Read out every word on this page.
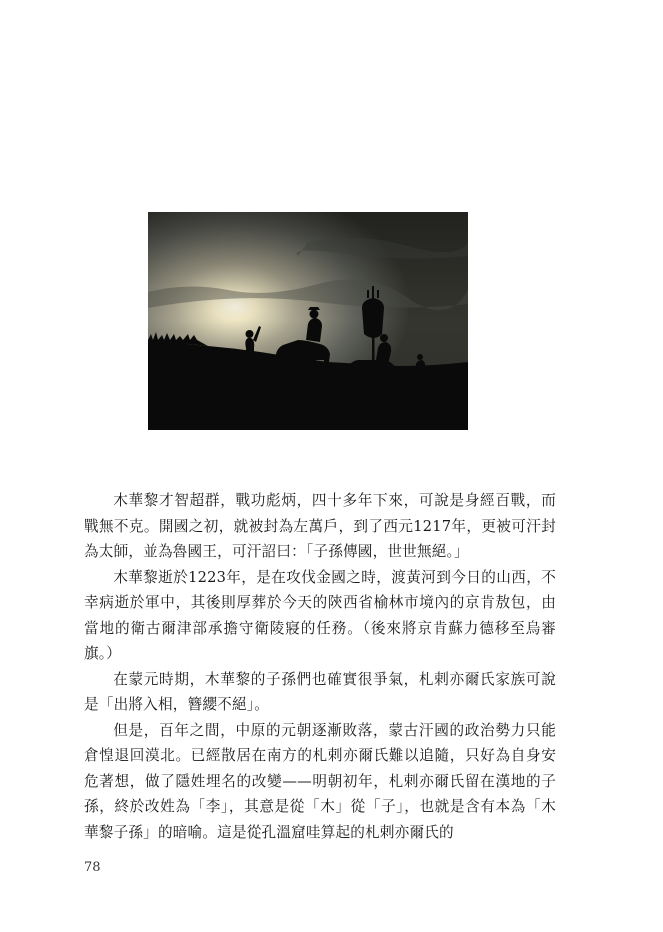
木華黎才智超群，戰功彪炳，四十多年下來，可說是身經百戰，而戰無不克。開國之初，就被封為左萬戶，到了西元1217年，更被可汗封為太師，並為魯國王，可汗詔曰：「子孫傳國，世世無絕。」

木華黎逝於1223年，是在攻伐金國之時，渡黃河到今日的山西，不幸病逝於軍中，其後則厚葬於今天的陝西省榆林市境內的京肯敖包，由當地的衛古爾津部承擔守衛陵寢的任務。（後來將京肯蘇力德移至烏審旗。）

在蒙元時期，木華黎的子孫們也確實很爭氣，札剌亦爾氏家族可說是「出將入相，簪纓不絕」。

但是，百年之間，中原的元朝逐漸敗落，蒙古汗國的政治勢力只能倉惶退回漠北。已經散居在南方的札剌亦爾氏難以追隨，只好為自身安危著想，做了隱姓埋名的改變——明朝初年，札剌亦爾氏留在漢地的子孫，終於改姓為「李」，其意是從「木」從「子」，也就是含有本為「木華黎子孫」的暗喻。這是從孔溫窟哇算起的札剌亦爾氏的

78
